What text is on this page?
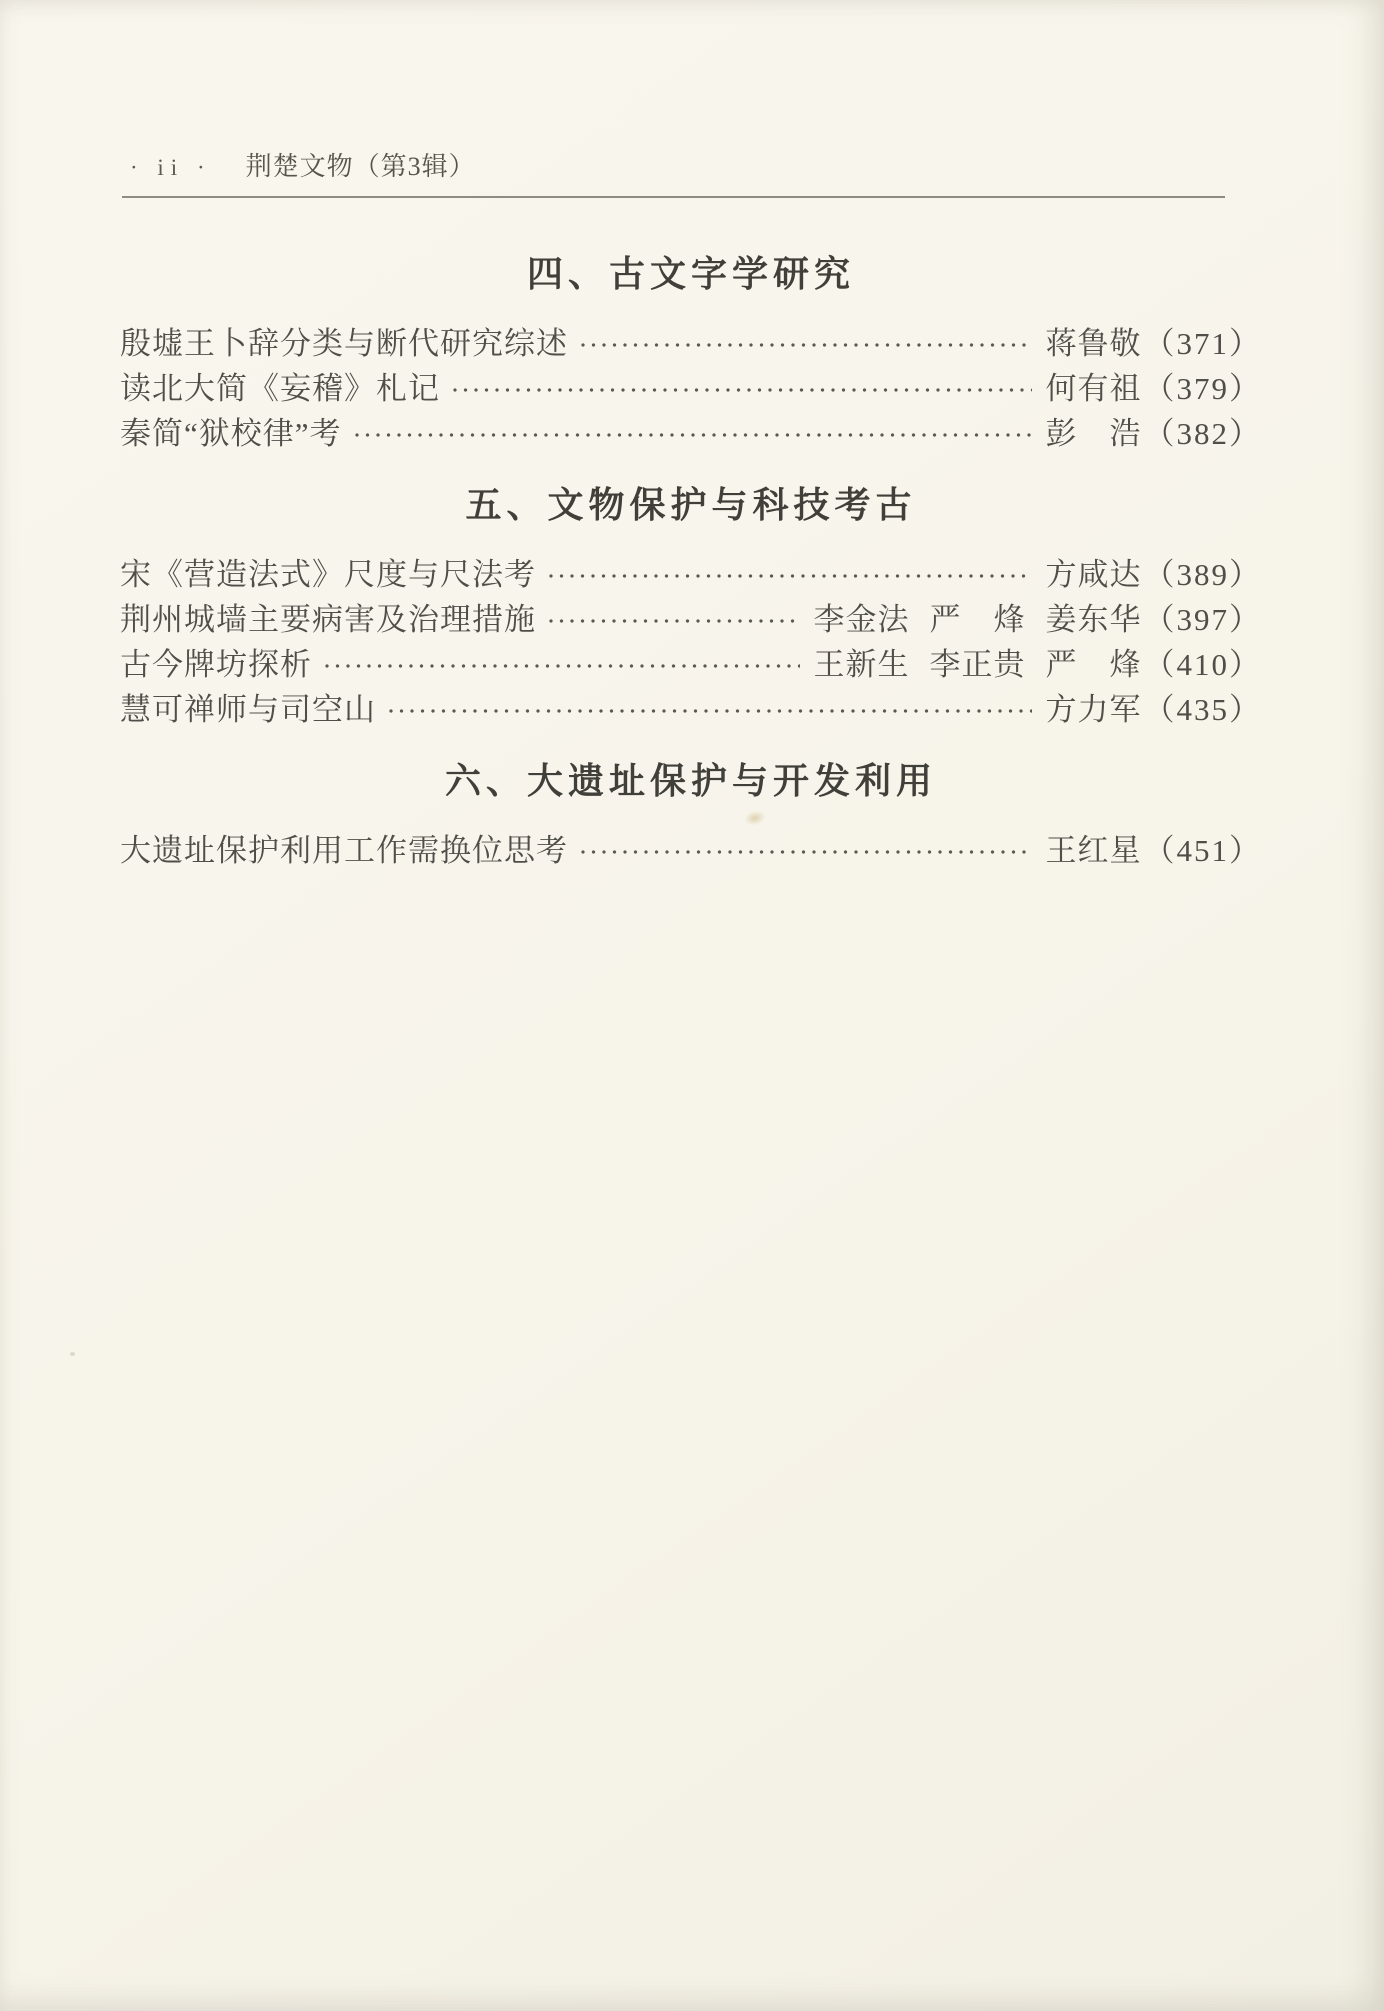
· ii · 荆楚文物（第3辑）
四、古文字学研究
殷墟王卜辞分类与断代研究综述	蒋鲁敬 （371）
读北大简《妄稽》札记	何有祖 （379）
秦简“狱校律”考	彭　浩 （382）
五、文物保护与科技考古
宋《营造法式》尺度与尺法考	方咸达 （389）
荆州城墙主要病害及治理措施	李金法 严　烽 姜东华 （397）
古今牌坊探析	王新生 李正贵 严　烽 （410）
慧可禅师与司空山	方力军 （435）
六、大遗址保护与开发利用
大遗址保护利用工作需换位思考	王红星 （451）
